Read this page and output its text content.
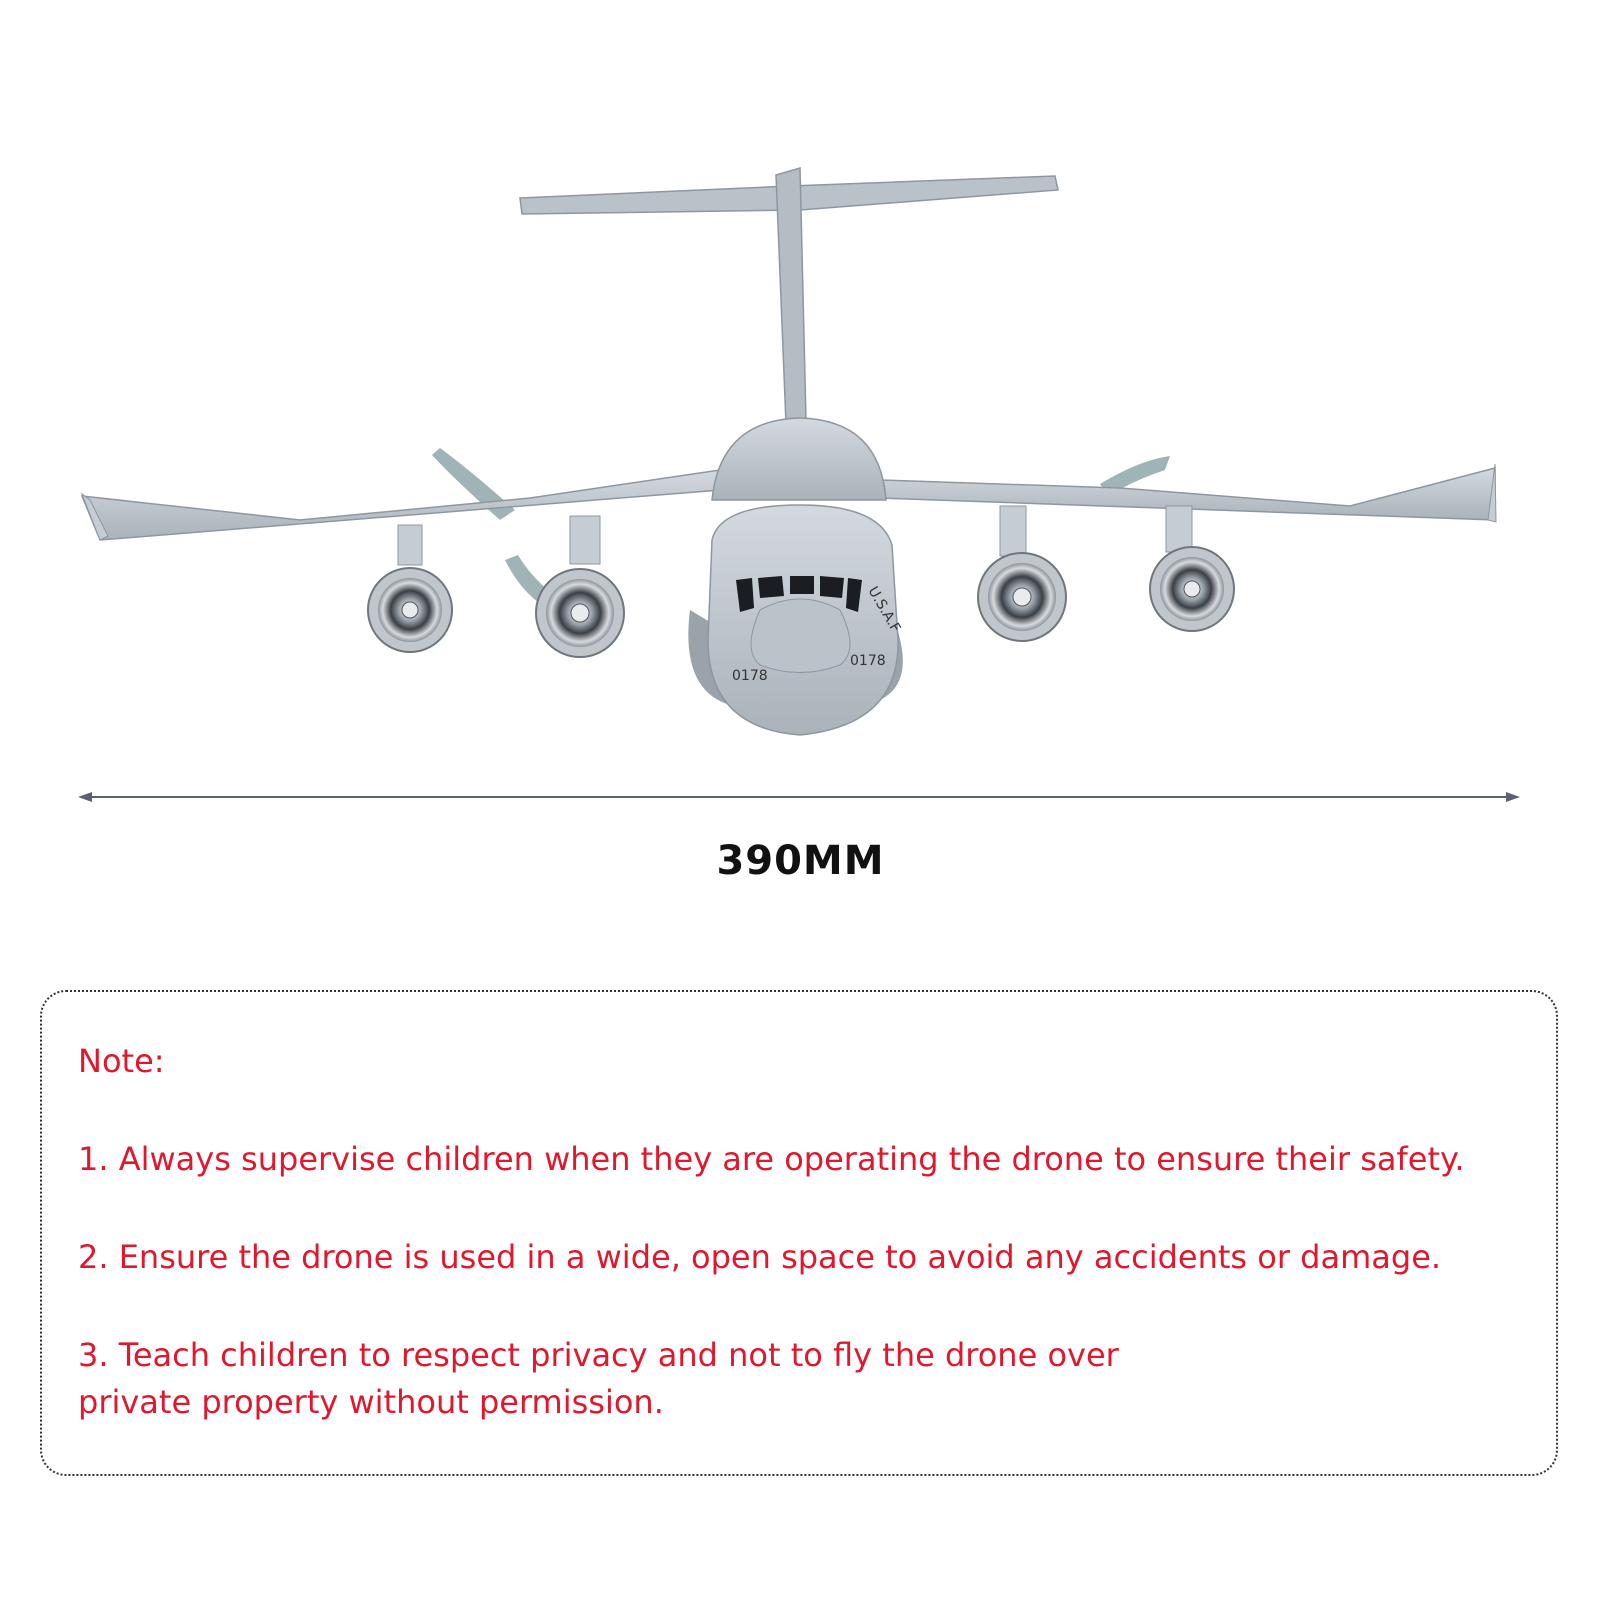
0178
0178
U.S.A.F
390MM

Note:

1. Always supervise children when they are operating the drone to ensure their safety.

2. Ensure the drone is used in a wide, open space to avoid any accidents or damage.

3. Teach children to respect privacy and not to fly the drone over

private property without permission.
